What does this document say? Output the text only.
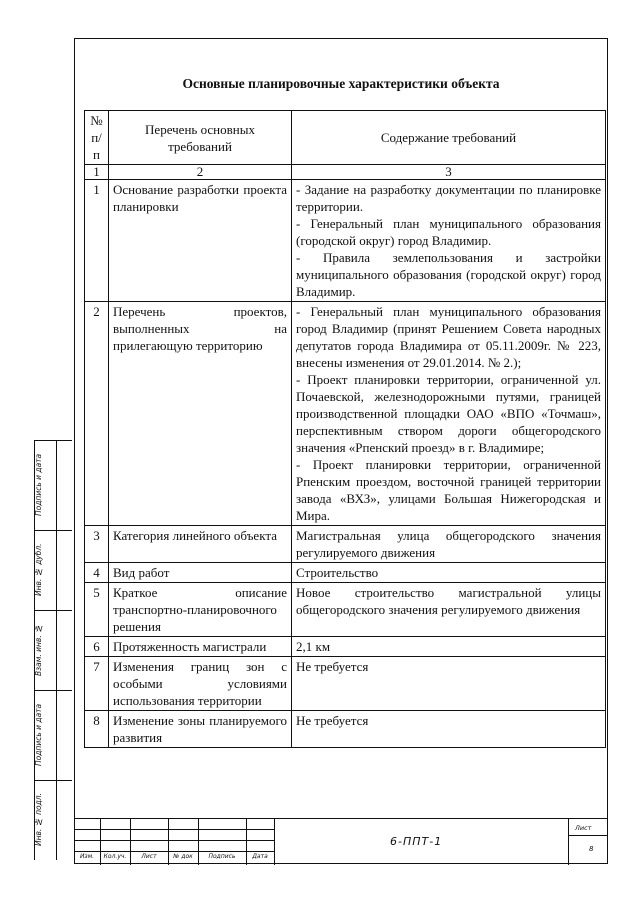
Основные планировочные характеристики объекта
№ п/п	Перечень основных требований	Содержание требований
1	2	3
1	Основание разработки проекта планировки	- Задание на разработку документации по планировке территории.
- Генеральный план муниципального образования (городской округ) город Владимир.
- Правила землепользования и застройки муниципального образования (городской округ) город Владимир.

2	Перечень проектов, выполненных на прилегающую территорию	- Генеральный план муниципального образования город Владимир (принят Решением Совета народных депутатов города Владимира от 05.11.2009г. № 223, внесены изменения от 29.01.2014. № 2.);
- Проект планировки территории, ограниченной ул. Почаевской, железнодорожными путями, границей производственной площадки ОАО «ВПО «Точмаш», перспективным створом дороги общегородского значения «Рпенский проезд» в г. Владимире;
- Проект планировки территории, ограниченной Рпенским проездом, восточной границей территории завода «ВХЗ», улицами Большая Нижегородская и Мира.

3	Категория линейного объекта	Магистральная улица общегородского значения регулируемого движения

4	Вид работ	Строительство

5	Краткое описание транспортно-планировочного решения	Новое строительство магистральной улицы общегородского значения регулируемого движения

6	Протяженность магистрали	2,1 км

7	Изменения границ зон с особыми условиями использования территории	Не требуется

8	Изменение зоны планируемого развития	Не требуется
Подпись и дата
Инв. № дубл.
Взам. инв. №
Подпись и дата
Инв. № подл.
Изм.	Кол.уч.	Лист	№ док	Подпись	Дата
6-ППТ-1
Лист
8
